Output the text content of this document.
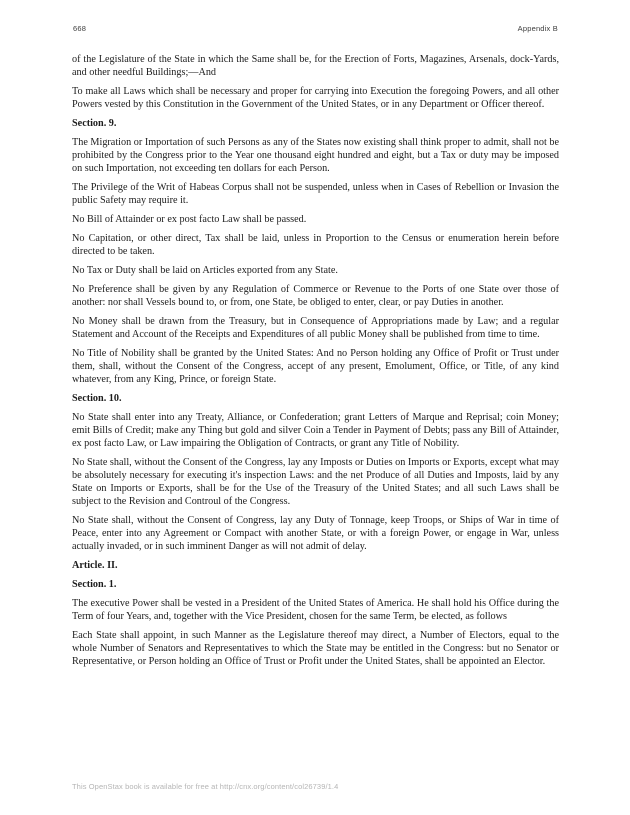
668	Appendix B

of the Legislature of the State in which the Same shall be, for the Erection of Forts, Magazines, Arsenals, dock-Yards, and other needful Buildings;—And

To make all Laws which shall be necessary and proper for carrying into Execution the foregoing Powers, and all other Powers vested by this Constitution in the Government of the United States, or in any Department or Officer thereof.

Section. 9.

The Migration or Importation of such Persons as any of the States now existing shall think proper to admit, shall not be prohibited by the Congress prior to the Year one thousand eight hundred and eight, but a Tax or duty may be imposed on such Importation, not exceeding ten dollars for each Person.

The Privilege of the Writ of Habeas Corpus shall not be suspended, unless when in Cases of Rebellion or Invasion the public Safety may require it.

No Bill of Attainder or ex post facto Law shall be passed.

No Capitation, or other direct, Tax shall be laid, unless in Proportion to the Census or enumeration herein before directed to be taken.

No Tax or Duty shall be laid on Articles exported from any State.

No Preference shall be given by any Regulation of Commerce or Revenue to the Ports of one State over those of another: nor shall Vessels bound to, or from, one State, be obliged to enter, clear, or pay Duties in another.

No Money shall be drawn from the Treasury, but in Consequence of Appropriations made by Law; and a regular Statement and Account of the Receipts and Expenditures of all public Money shall be published from time to time.

No Title of Nobility shall be granted by the United States: And no Person holding any Office of Profit or Trust under them, shall, without the Consent of the Congress, accept of any present, Emolument, Office, or Title, of any kind whatever, from any King, Prince, or foreign State.

Section. 10.

No State shall enter into any Treaty, Alliance, or Confederation; grant Letters of Marque and Reprisal; coin Money; emit Bills of Credit; make any Thing but gold and silver Coin a Tender in Payment of Debts; pass any Bill of Attainder, ex post facto Law, or Law impairing the Obligation of Contracts, or grant any Title of Nobility.

No State shall, without the Consent of the Congress, lay any Imposts or Duties on Imports or Exports, except what may be absolutely necessary for executing it's inspection Laws: and the net Produce of all Duties and Imposts, laid by any State on Imports or Exports, shall be for the Use of the Treasury of the United States; and all such Laws shall be subject to the Revision and Controul of the Congress.

No State shall, without the Consent of Congress, lay any Duty of Tonnage, keep Troops, or Ships of War in time of Peace, enter into any Agreement or Compact with another State, or with a foreign Power, or engage in War, unless actually invaded, or in such imminent Danger as will not admit of delay.

Article. II.

Section. 1.

The executive Power shall be vested in a President of the United States of America. He shall hold his Office during the Term of four Years, and, together with the Vice President, chosen for the same Term, be elected, as follows

Each State shall appoint, in such Manner as the Legislature thereof may direct, a Number of Electors, equal to the whole Number of Senators and Representatives to which the State may be entitled in the Congress: but no Senator or Representative, or Person holding an Office of Trust or Profit under the United States, shall be appointed an Elector.

This OpenStax book is available for free at http://cnx.org/content/col26739/1.4
